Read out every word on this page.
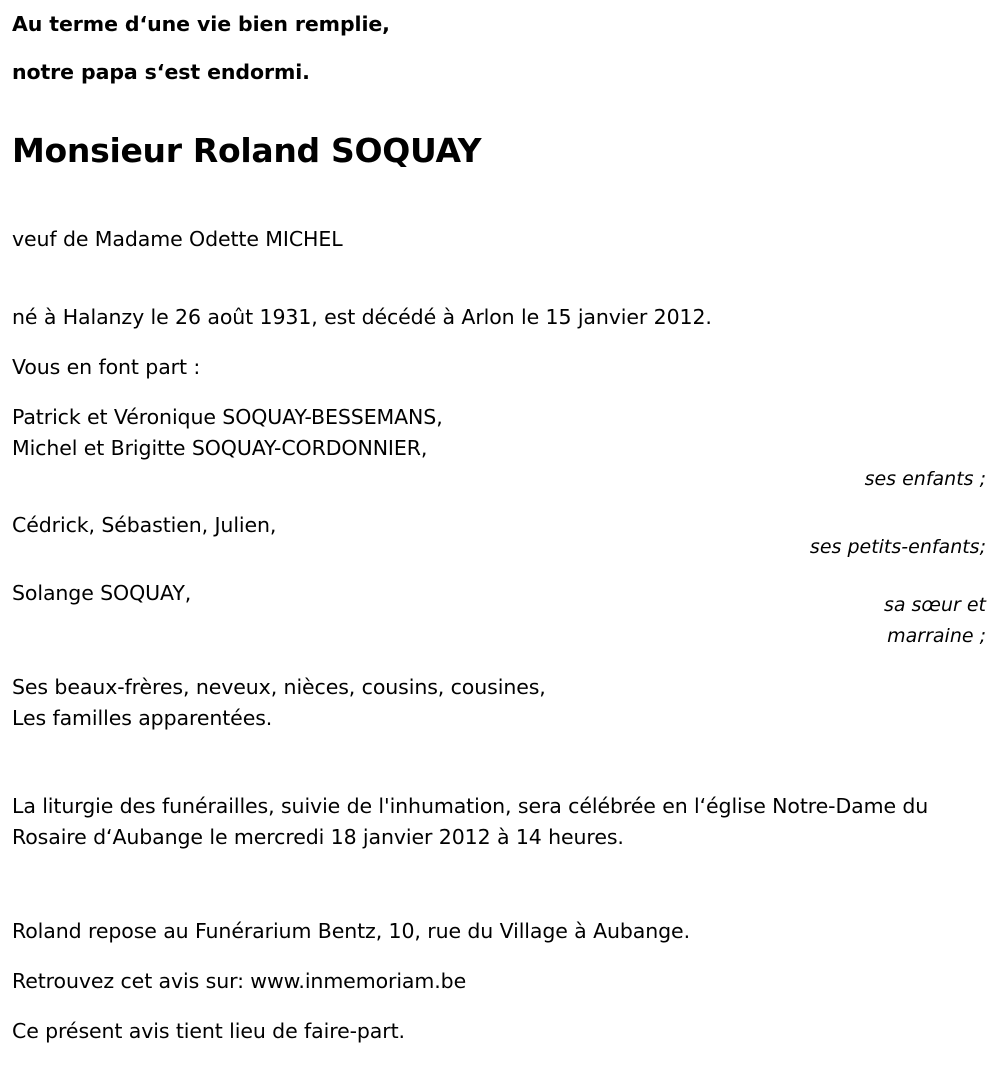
Au terme d‘une vie bien remplie,
notre papa s‘est endormi.
Monsieur Roland SOQUAY
veuf de Madame Odette MICHEL
né à Halanzy le 26 août 1931, est décédé à Arlon le 15 janvier 2012.
Vous en font part :
Patrick et Véronique SOQUAY-BESSEMANS,
Michel et Brigitte SOQUAY-CORDONNIER,
ses enfants ;
Cédrick, Sébastien, Julien,
ses petits-enfants;
Solange SOQUAY,	sa sœur et
marraine ;
Ses beaux-frères, neveux, nièces, cousins, cousines,
Les familles apparentées.
La liturgie des funérailles, suivie de l'inhumation, sera célébrée en l‘église Notre-Dame du Rosaire d‘Aubange le mercredi 18 janvier 2012 à 14 heures.
Roland repose au Funérarium Bentz, 10, rue du Village à Aubange.
Retrouvez cet avis sur: www.inmemoriam.be
Ce présent avis tient lieu de faire-part.
